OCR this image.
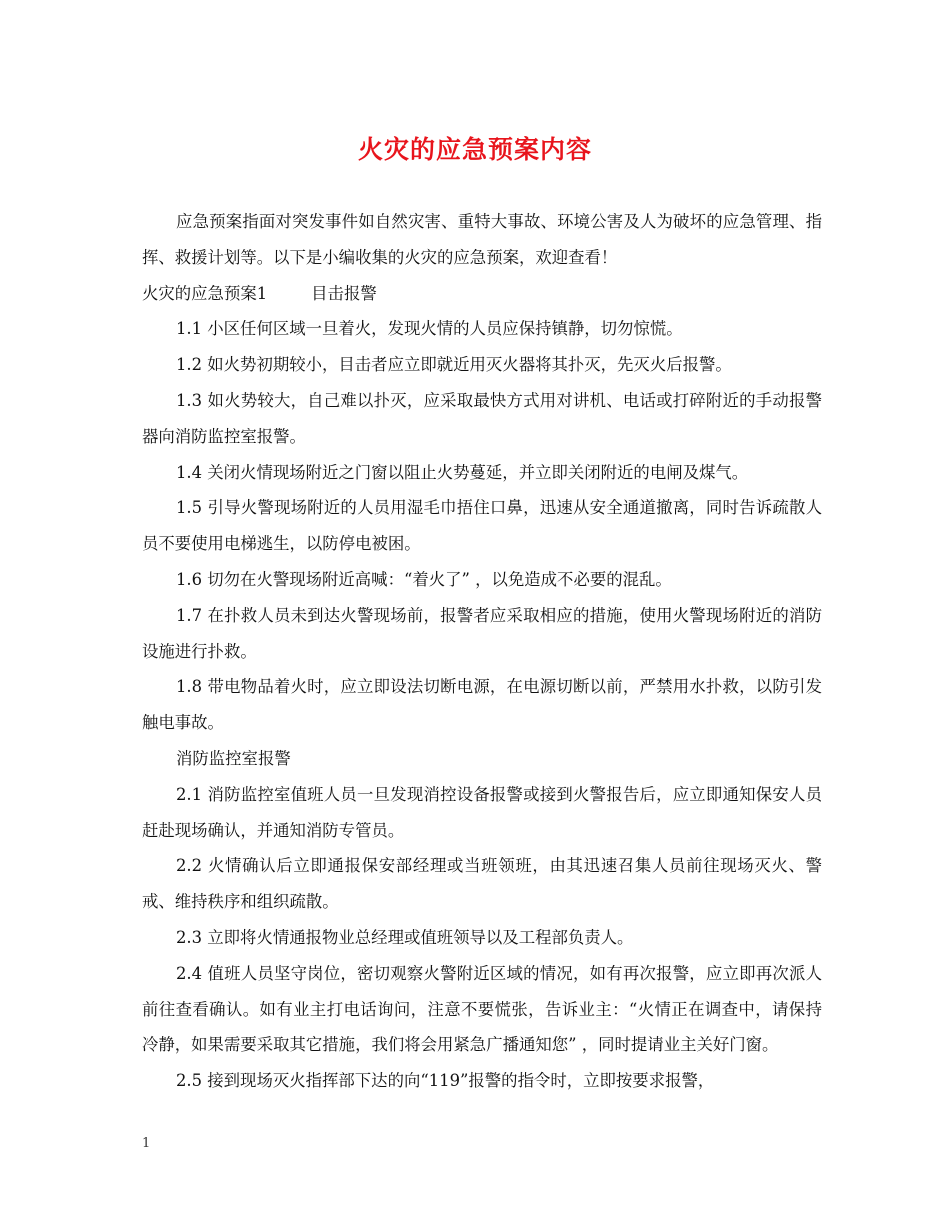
火灾的应急预案内容

应急预案指面对突发事件如自然灾害、重特大事故、环境公害及人为破坏的应急管理、指挥、救援计划等。以下是小编收集的火灾的应急预案，欢迎查看！

火灾的应急预案1	目击报警

1.1 小区任何区域一旦着火，发现火情的人员应保持镇静，切勿惊慌。

1.2 如火势初期较小，目击者应立即就近用灭火器将其扑灭，先灭火后报警。

1.3 如火势较大，自己难以扑灭，应采取最快方式用对讲机、电话或打碎附近的手动报警器向消防监控室报警。

1.4 关闭火情现场附近之门窗以阻止火势蔓延，并立即关闭附近的电闸及煤气。

1.5 引导火警现场附近的人员用湿毛巾捂住口鼻，迅速从安全通道撤离，同时告诉疏散人员不要使用电梯逃生，以防停电被困。

1.6 切勿在火警现场附近高喊：“着火了” ，以免造成不必要的混乱。

1.7 在扑救人员未到达火警现场前，报警者应采取相应的措施，使用火警现场附近的消防设施进行扑救。

1.8 带电物品着火时，应立即设法切断电源，在电源切断以前，严禁用水扑救，以防引发触电事故。

消防监控室报警

2.1 消防监控室值班人员一旦发现消控设备报警或接到火警报告后，应立即通知保安人员赶赴现场确认，并通知消防专管员。

2.2 火情确认后立即通报保安部经理或当班领班，由其迅速召集人员前往现场灭火、警戒、维持秩序和组织疏散。

2.3 立即将火情通报物业总经理或值班领导以及工程部负责人。

2.4 值班人员坚守岗位，密切观察火警附近区域的情况，如有再次报警，应立即再次派人前往查看确认。如有业主打电话询问，注意不要慌张，告诉业主：“火情正在调查中，请保持冷静，如果需要采取其它措施，我们将会用紧急广播通知您” ，同时提请业主关好门窗。

2.5 接到现场灭火指挥部下达的向“119”报警的指令时，立即按要求报警，

1
